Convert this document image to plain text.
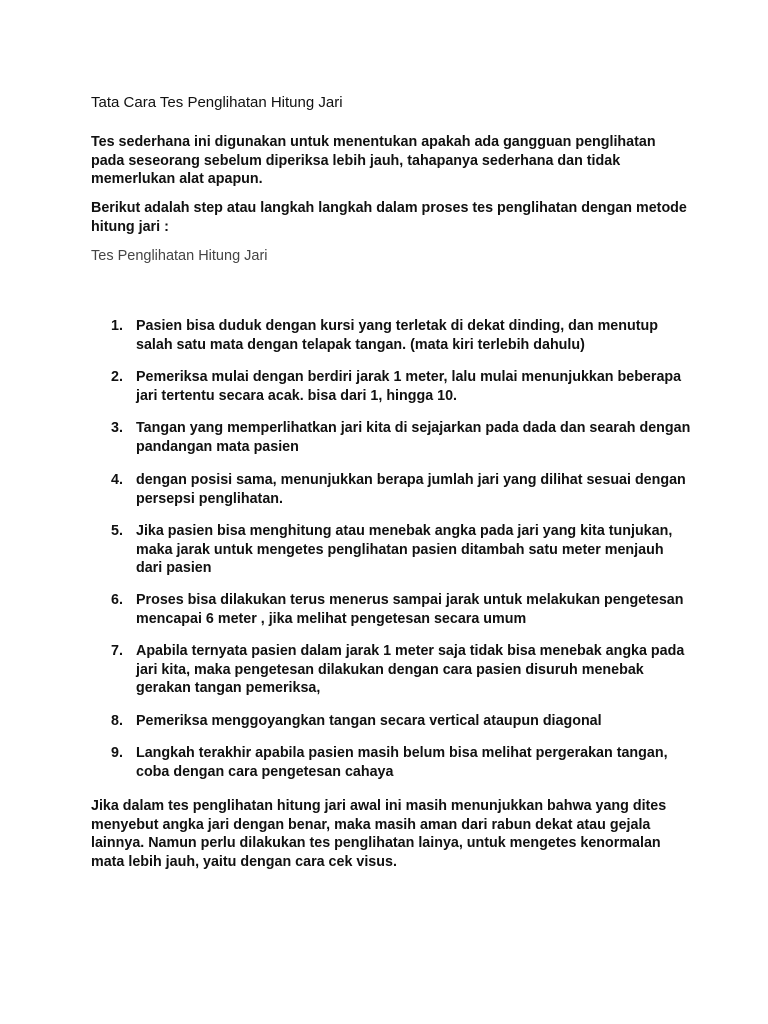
Tata Cara Tes Penglihatan Hitung Jari

Tes sederhana ini digunakan untuk menentukan apakah ada gangguan penglihatan pada seseorang sebelum diperiksa lebih jauh, tahapanya sederhana dan tidak memerlukan alat apapun.

Berikut adalah step atau langkah langkah dalam proses tes penglihatan dengan metode hitung jari :

Tes Penglihatan Hitung Jari

1. Pasien bisa duduk dengan kursi yang terletak di dekat dinding, dan menutup salah satu mata dengan telapak tangan. (mata kiri terlebih dahulu)
2. Pemeriksa mulai dengan berdiri jarak 1 meter, lalu mulai menunjukkan beberapa jari tertentu secara acak. bisa dari 1, hingga 10.
3. Tangan yang memperlihatkan jari kita di sejajarkan pada dada dan searah dengan pandangan mata pasien
4. dengan posisi sama, menunjukkan berapa jumlah jari yang dilihat sesuai dengan persepsi penglihatan.
5. Jika pasien bisa menghitung atau menebak angka pada jari yang kita tunjukan, maka jarak untuk mengetes penglihatan pasien ditambah satu meter menjauh dari pasien
6. Proses bisa dilakukan terus menerus sampai jarak untuk melakukan pengetesan mencapai 6 meter , jika melihat pengetesan secara umum
7. Apabila ternyata pasien dalam jarak 1 meter saja tidak bisa menebak angka pada jari kita, maka pengetesan dilakukan dengan cara pasien disuruh menebak gerakan tangan pemeriksa,
8. Pemeriksa menggoyangkan tangan secara vertical ataupun diagonal
9. Langkah terakhir apabila pasien masih belum bisa melihat pergerakan tangan, coba dengan cara pengetesan cahaya

Jika dalam tes penglihatan hitung jari awal ini masih menunjukkan bahwa yang dites menyebut angka jari dengan benar, maka masih aman dari rabun dekat atau gejala lainnya. Namun perlu dilakukan tes penglihatan lainya, untuk mengetes kenormalan mata lebih jauh, yaitu dengan cara cek visus.
